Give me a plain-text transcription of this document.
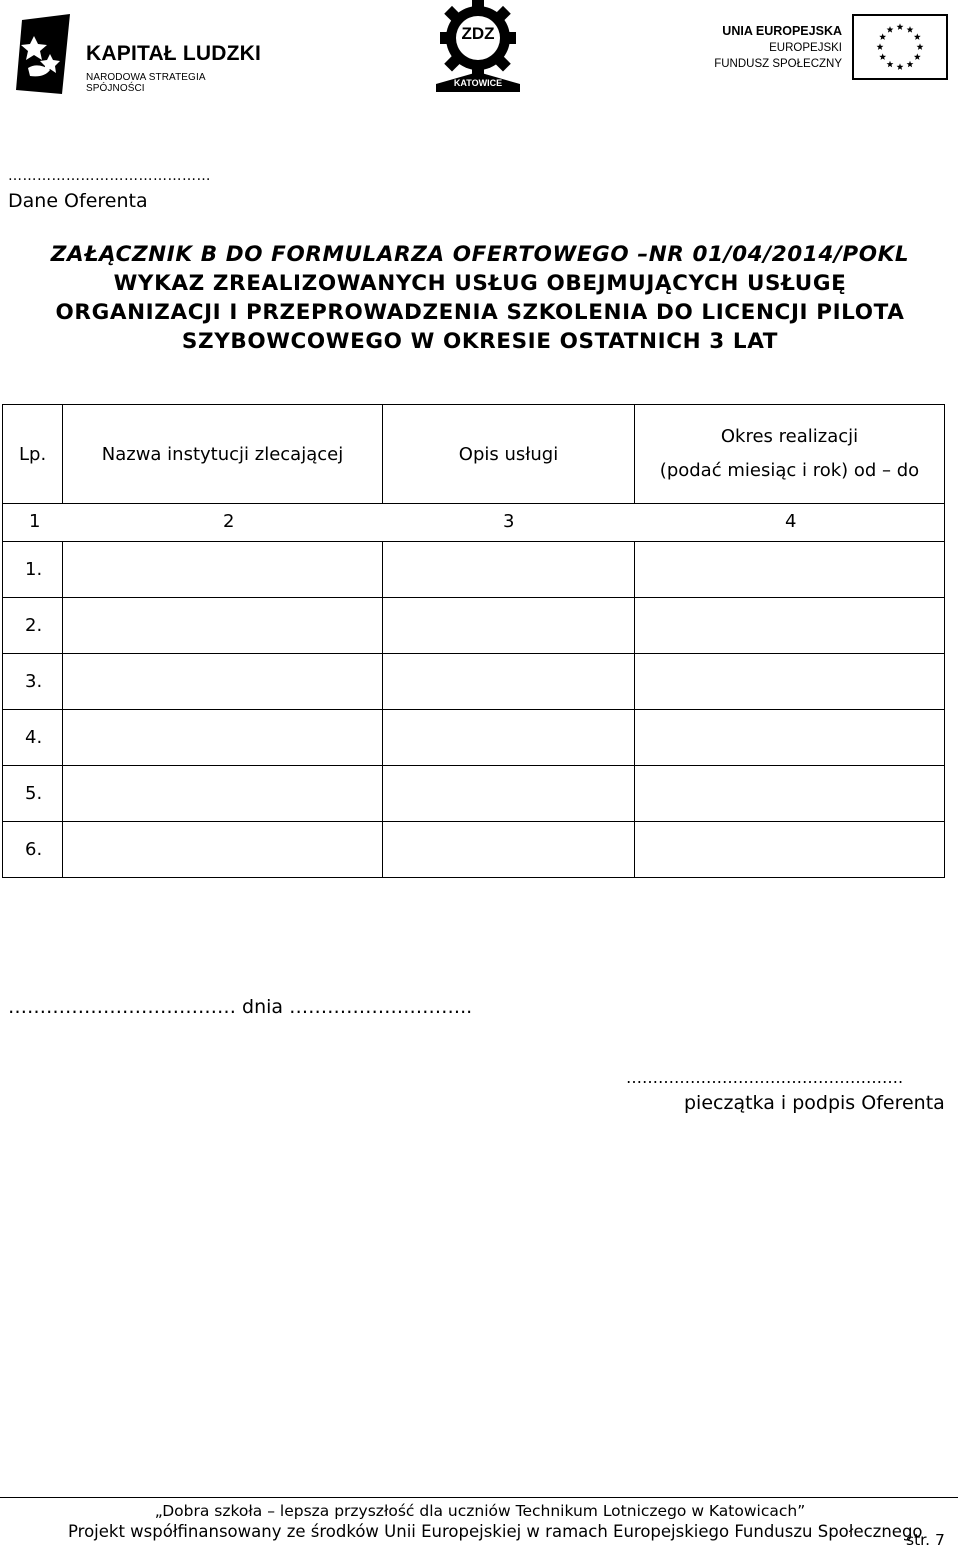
KAPITAŁ LUDZKI
NARODOWA STRATEGIA SPÓJNOŚCI
ZDZ
KATOWICE
UNIA EUROPEJSKA
EUROPEJSKI
FUNDUSZ SPOŁECZNY
……………………………………
Dane Oferenta
ZAŁĄCZNIK B DO FORMULARZA OFERTOWEGO –NR 01/04/2014/POKL
WYKAZ ZREALIZOWANYCH USŁUG OBEJMUJĄCYCH USŁUGĘ
ORGANIZACJI I PRZEPROWADZENIA SZKOLENIA DO LICENCJI PILOTA
SZYBOWCOWEGO W OKRESIE OSTATNICH 3 LAT
Lp.	Nazwa instytucji zlecającej	Opis usługi	Okres realizacji
(podać miesiąc i rok) od – do

1 2 3 4			

1.			
2.			
3.			
4.			
5.			
6.			
……………………………… dnia ………………………..
…………………………………………….
pieczątka i podpis Oferenta
„Dobra szkoła – lepsza przyszłość dla uczniów Technikum Lotniczego w Katowicach”
Projekt współfinansowany ze środków Unii Europejskiej w ramach Europejskiego Funduszu Społecznego
str. 7
